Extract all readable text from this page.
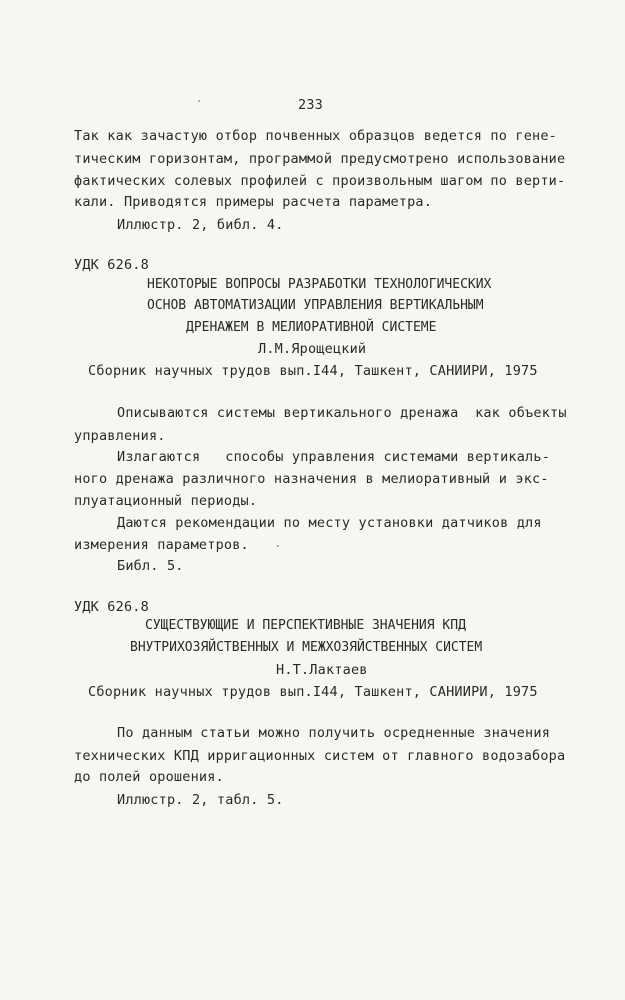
233
Так как зачастую отбор почвенных образцов ведется по гене-
тическим горизонтам, программой предусмотрено использование
фактических солевых профилей с произвольным шагом по верти-
кали. Приводятся примеры расчета параметра.
Иллюстр. 2, библ. 4.
УДК 626.8
НЕКОТОРЫЕ ВОПРОСЫ РАЗРАБОТКИ ТЕХНОЛОГИЧЕСКИХ
ОСНОВ АВТОМАТИЗАЦИИ УПРАВЛЕНИЯ ВЕРТИКАЛЬНЫМ
ДРЕНАЖЕМ В МЕЛИОРАТИВНОЙ СИСТЕМЕ
Л.М.Ярощецкий
Сборник научных трудов вып.I44, Ташкент, САНИИРИ, 1975
Описываются системы вертикального дренажа  как объекты
управления.
Излагаются   способы управления системами вертикаль-
ного дренажа различного назначения в мелиоративный и экс-
плуатационный периоды.
Даются рекомендации по месту установки датчиков для
измерения параметров.
Библ. 5.
УДК 626.8
СУЩЕСТВУЮЩИЕ И ПЕРСПЕКТИВНЫЕ ЗНАЧЕНИЯ КПД
ВНУТРИХОЗЯЙСТВЕННЫХ И МЕЖХОЗЯЙСТВЕННЫХ СИСТЕМ
Н.Т.Лактаев
Сборник научных трудов вып.I44, Ташкент, САНИИРИ, 1975
По данным статьи можно получить осредненные значения
технических КПД ирригационных систем от главного водозабора
до полей орошения.
Иллюстр. 2, табл. 5.
